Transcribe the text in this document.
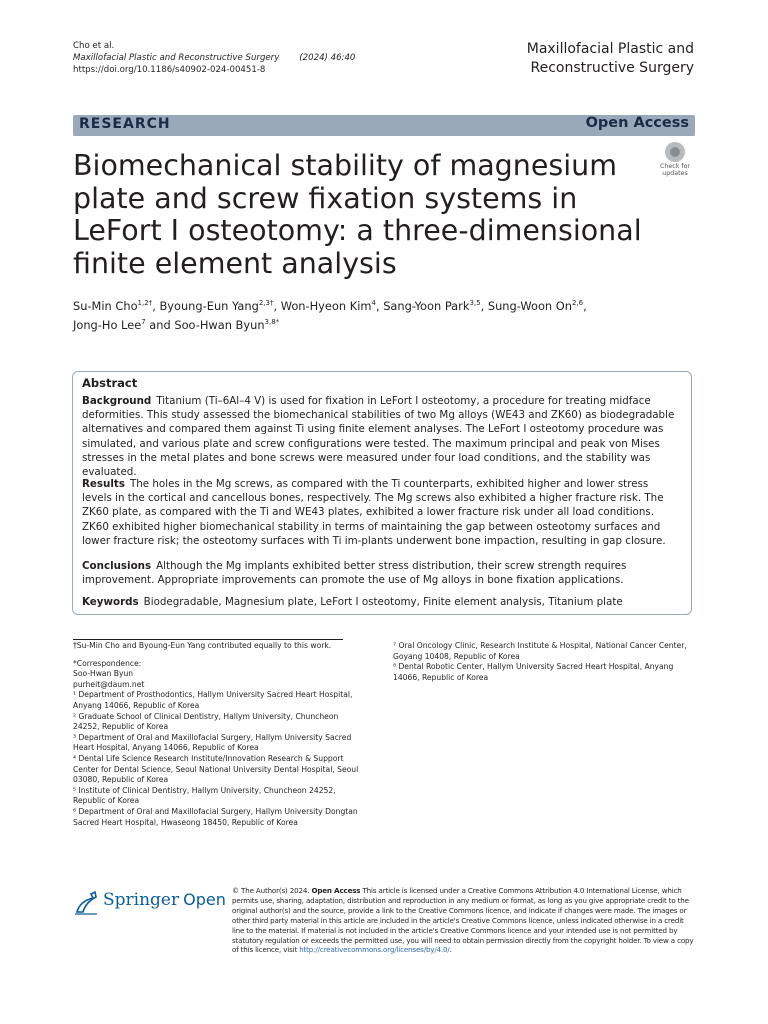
Cho et al.
Maxillofacial Plastic and Reconstructive Surgery (2024) 46:40
https://doi.org/10.1186/s40902-024-00451-8
Maxillofacial Plastic and Reconstructive Surgery
RESEARCH	Open Access
Biomechanical stability of magnesium plate and screw fixation systems in LeFort I osteotomy: a three-dimensional finite element analysis
Check for
updates
Su-Min Cho$^{1,2\dagger}$, Byoung-Eun Yang$^{2,3\dagger}$, Won-Hyeon Kim$^4$, Sang-Yoon Park$^{3,5}$, Sung-Woon On$^{2,6}$,
Jong-Ho Lee$^7$ and Soo-Hwan Byun$^{3,8*}$
Abstract
Background Titanium (Ti–6Al–4 V) is used for fixation in LeFort I osteotomy, a procedure for treating midface deformities. This study assessed the biomechanical stabilities of two Mg alloys (WE43 and ZK60) as biodegradable alternatives and compared them against Ti using finite element analyses. The LeFort I osteotomy procedure was simulated, and various plate and screw configurations were tested. The maximum principal and peak von Mises stresses in the metal plates and bone screws were measured under four load conditions, and the stability was evaluated.
Results The holes in the Mg screws, as compared with the Ti counterparts, exhibited higher and lower stress levels in the cortical and cancellous bones, respectively. The Mg screws also exhibited a higher fracture risk. The ZK60 plate, as compared with the Ti and WE43 plates, exhibited a lower fracture risk under all load conditions. ZK60 exhibited higher biomechanical stability in terms of maintaining the gap between osteotomy surfaces and lower fracture risk; the osteotomy surfaces with Ti im-plants underwent bone impaction, resulting in gap closure.
Conclusions Although the Mg implants exhibited better stress distribution, their screw strength requires improvement. Appropriate improvements can promote the use of Mg alloys in bone fixation applications.
Keywords Biodegradable, Magnesium plate, LeFort I osteotomy, Finite element analysis, Titanium plate
†Su-Min Cho and Byoung-Eun Yang contributed equally to this work.
*Correspondence:
Soo-Hwan Byun
purheit@daum.net
¹ Department of Prosthodontics, Hallym University Sacred Heart Hospital, Anyang 14066, Republic of Korea
² Graduate School of Clinical Dentistry, Hallym University, Chuncheon 24252, Republic of Korea
³ Department of Oral and Maxillofacial Surgery, Hallym University Sacred Heart Hospital, Anyang 14066, Republic of Korea
⁴ Dental Life Science Research Institute/Innovation Research & Support Center for Dental Science, Seoul National University Dental Hospital, Seoul 03080, Republic of Korea
⁵ Institute of Clinical Dentistry, Hallym University, Chuncheon 24252, Republic of Korea
⁶ Department of Oral and Maxillofacial Surgery, Hallym University Dongtan Sacred Heart Hospital, Hwaseong 18450, Republic of Korea
⁷ Oral Oncology Clinic, Research Institute & Hospital, National Cancer Center, Goyang 10408, Republic of Korea
⁸ Dental Robotic Center, Hallym University Sacred Heart Hospital, Anyang 14066, Republic of Korea
Springer Open © The Author(s) 2024. Open Access This article is licensed under a Creative Commons Attribution 4.0 International License, which permits use, sharing, adaptation, distribution and reproduction in any medium or format, as long as you give appropriate credit to the original author(s) and the source, provide a link to the Creative Commons licence, and indicate if changes were made. The images or other third party material in this article are included in the article's Creative Commons licence, unless indicated otherwise in a credit line to the material. If material is not included in the article's Creative Commons licence and your intended use is not permitted by statutory regulation or exceeds the permitted use, you will need to obtain permission directly from the copyright holder. To view a copy of this licence, visit http://creativecommons.org/licenses/by/4.0/.
